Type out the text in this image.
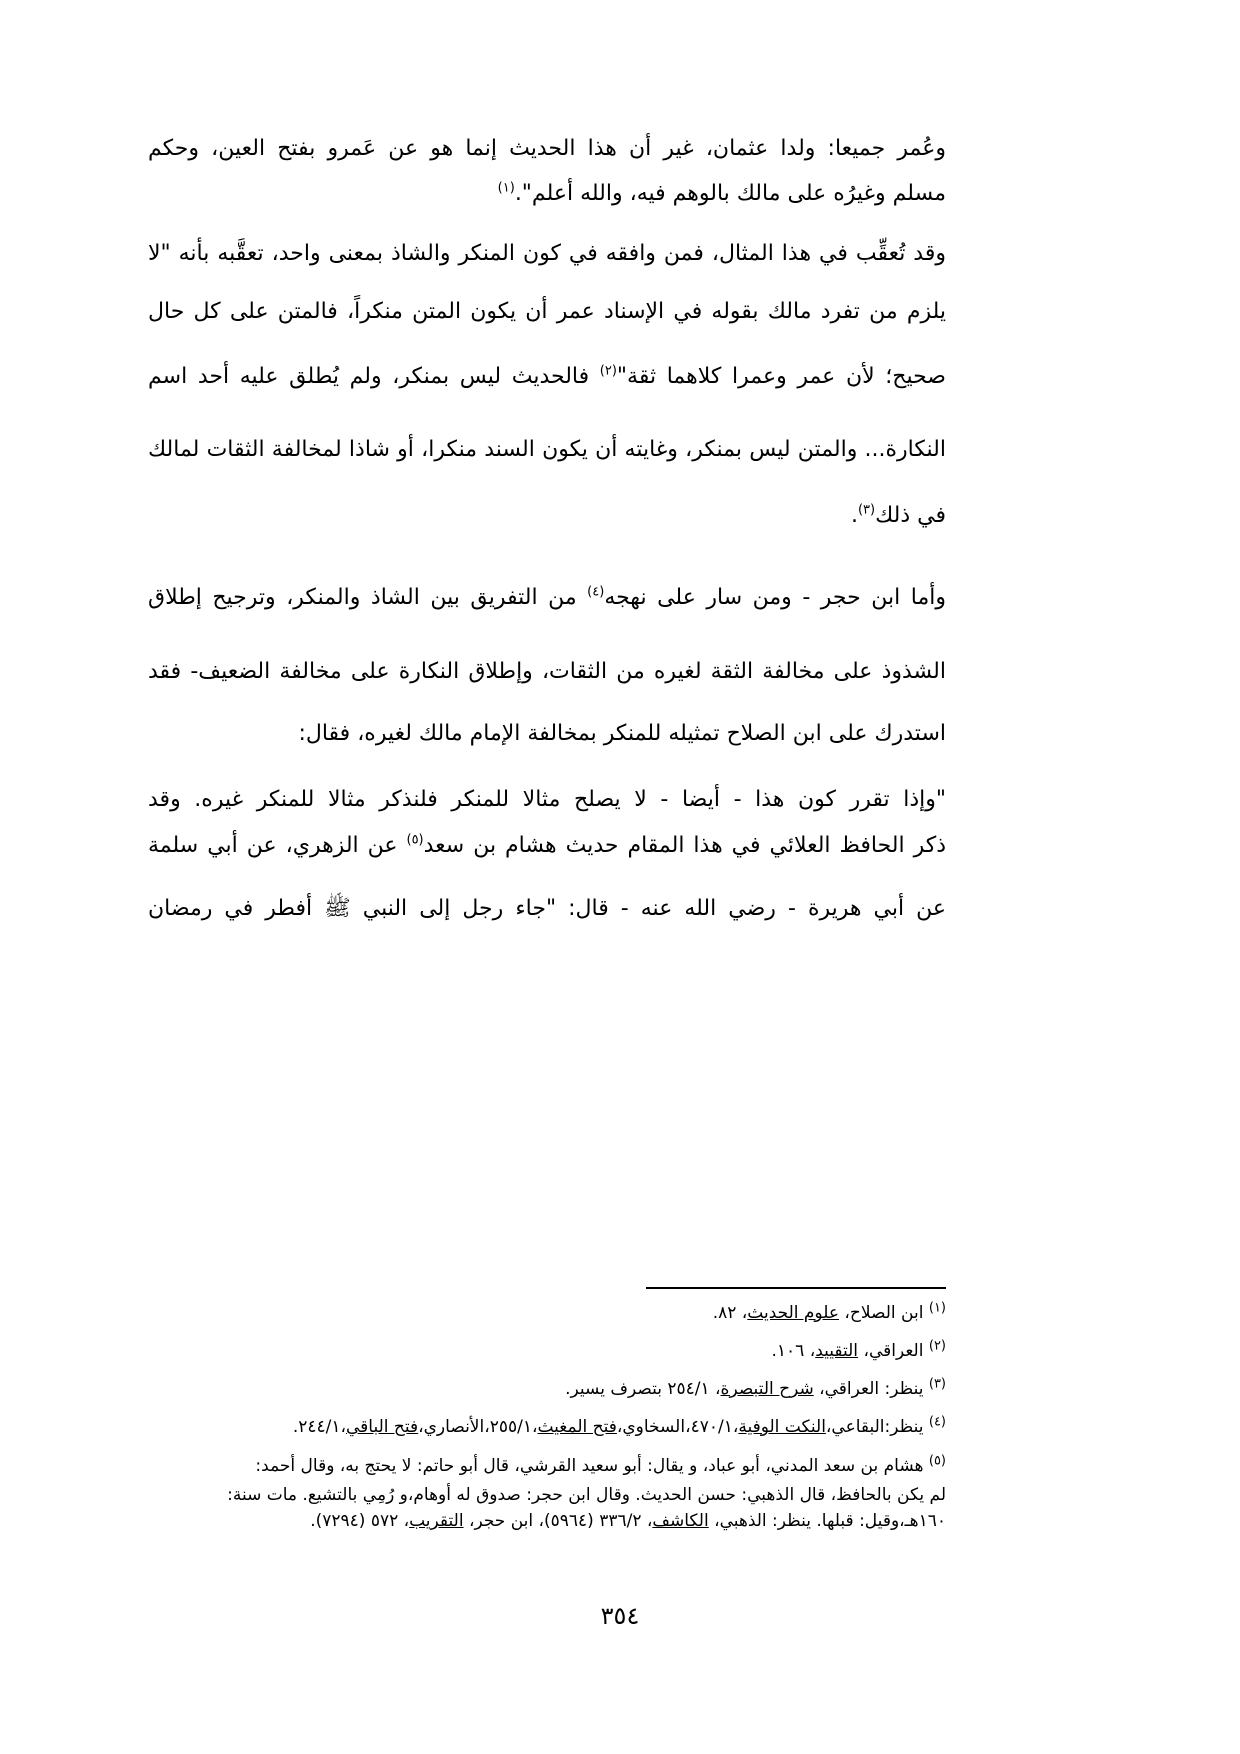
وعُمر جميعا: ولدا عثمان، غير أن هذا الحديث إنما هو عن عَمرو بفتح العين، وحكم
مسلم وغيرُه على مالك بالوهم فيه، والله أعلم".$^{(١)}$
وقد تُعقِّب في هذا المثال، فمن وافقه في كون المنكر والشاذ بمعنى واحد، تعقَّبه بأنه "لا
يلزم من تفرد مالك بقوله في الإسناد عمر أن يكون المتن منكراً، فالمتن على كل حال
صحيح؛ لأن عمر وعمرا كلاهما ثقة"$^{(٢)}$ فالحديث ليس بمنكر، ولم يُطلق عليه أحد اسم
النكارة... والمتن ليس بمنكر، وغايته أن يكون السند منكرا، أو شاذا لمخالفة الثقات لمالك
في ذلك$^{(٣)}$.
وأما ابن حجر - ومن سار على نهجه$^{(٤)}$ من التفريق بين الشاذ والمنكر، وترجيح إطلاق
الشذوذ على مخالفة الثقة لغيره من الثقات، وإطلاق النكارة على مخالفة الضعيف- فقد
استدرك على ابن الصلاح تمثيله للمنكر بمخالفة الإمام مالك لغيره، فقال:
"وإذا تقرر كون هذا - أيضا - لا يصلح مثالا للمنكر فلنذكر مثالا للمنكر غيره. وقد
ذكر الحافظ العلائي في هذا المقام حديث هشام بن سعد$^{(٥)}$ عن الزهري، عن أبي سلمة
عن أبي هريرة - رضي الله عنه - قال: "جاء رجل إلى النبي ﷺ أفطر في رمضان
$^{(١)}$ ابن الصلاح، علوم الحديث، ٨٢.
$^{(٢)}$ العراقي، التقييد، ١٠٦.
$^{(٣)}$ ينظر: العراقي، شرح التبصرة، ٢٥٤/١ بتصرف يسير.
$^{(٤)}$ ينظر:البقاعي،النكت الوفية،٤٧٠/١،السخاوي،فتح المغيث،٢٥٥/١،الأنصاري،فتح الباقي،٢٤٤/١.
$^{(٥)}$ هشام بن سعد المدني، أبو عباد، و يقال: أبو سعيد القرشي، قال أبو حاتم: لا يحتج به، وقال أحمد:
لم يكن بالحافظ، قال الذهبي: حسن الحديث. وقال ابن حجر: صدوق له أوهام،و رُمِي بالتشيع. مات سنة:
١٦٠هـ،وقيل: قبلها. ينظر: الذهبي، الكاشف، ٣٣٦/٢ (٥٩٦٤)، ابن حجر، التقريب، ٥٧٢ (٧٢٩٤).
٣٥٤
